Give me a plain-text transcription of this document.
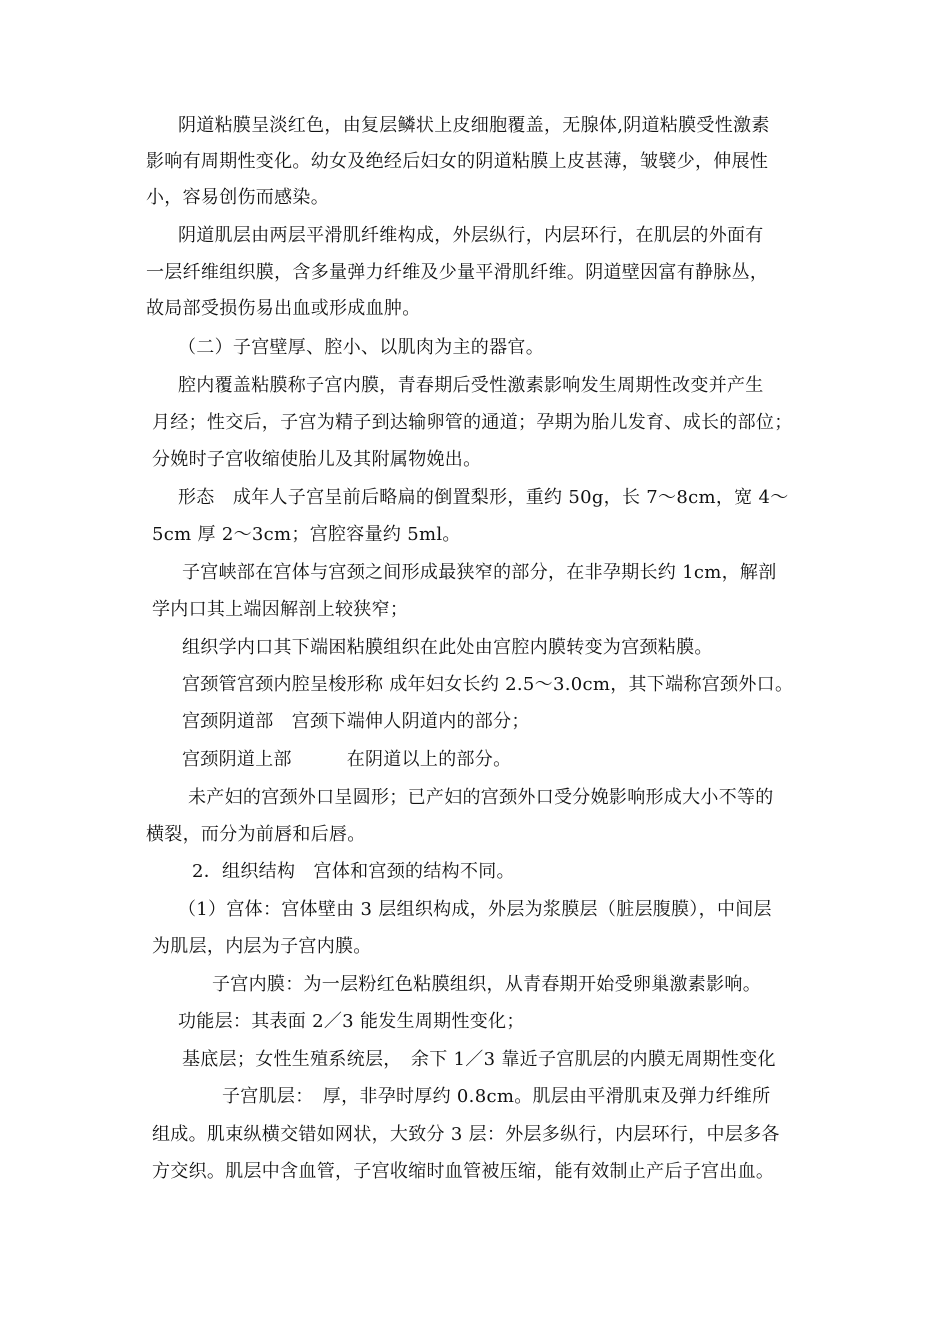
阴道粘膜呈淡红色，由复层鳞状上皮细胞覆盖，无腺体,阴道粘膜受性激素
影响有周期性变化。幼女及绝经后妇女的阴道粘膜上皮甚薄，皱襞少，伸展性
小，容易创伤而感染。
阴道肌层由两层平滑肌纤维构成，外层纵行，内层环行，在肌层的外面有
一层纤维组织膜，含多量弹力纤维及少量平滑肌纤维。阴道壁因富有静脉丛，
故局部受损伤易出血或形成血肿。
（二）子宫壁厚、腔小、以肌肉为主的器官。
腔内覆盖粘膜称子宫内膜，青春期后受性激素影响发生周期性改变并产生
月经；性交后，子宫为精子到达输卵管的通道；孕期为胎儿发育、成长的部位；
分娩时子宫收缩使胎儿及其附属物娩出。
形态　成年人子宫呈前后略扁的倒置梨形，重约 50g，长 7～8cm，宽 4～
5cm 厚 2～3cm；宫腔容量约 5ml。
子宫峡部在宫体与宫颈之间形成最狭窄的部分，在非孕期长约 1cm，解剖
学内口其上端因解剖上较狭窄；
组织学内口其下端困粘膜组织在此处由宫腔内膜转变为宫颈粘膜。
宫颈管宫颈内腔呈梭形称 成年妇女长约 2.5～3.0cm，其下端称宫颈外口。
宫颈阴道部　宫颈下端伸人阴道内的部分；
宫颈阴道上部　　　在阴道以上的部分。
未产妇的宫颈外口呈圆形；已产妇的宫颈外口受分娩影响形成大小不等的
横裂，而分为前唇和后唇。
2．组织结构　宫体和宫颈的结构不同。
（1）宫体：宫体壁由 3 层组织构成，外层为浆膜层（脏层腹膜），中间层
为肌层，内层为子宫内膜。
子宫内膜：为一层粉红色粘膜组织，从青春期开始受卵巢激素影响。
功能层：其表面 2／3 能发生周期性变化；
基底层；女性生殖系统层，　余下 1／3 靠近子宫肌层的内膜无周期性变化
子宫肌层：　厚，非孕时厚约 0.8cm。肌层由平滑肌束及弹力纤维所
组成。肌束纵横交错如网状，大致分 3 层：外层多纵行，内层环行，中层多各
方交织。肌层中含血管，子宫收缩时血管被压缩，能有效制止产后子宫出血。
